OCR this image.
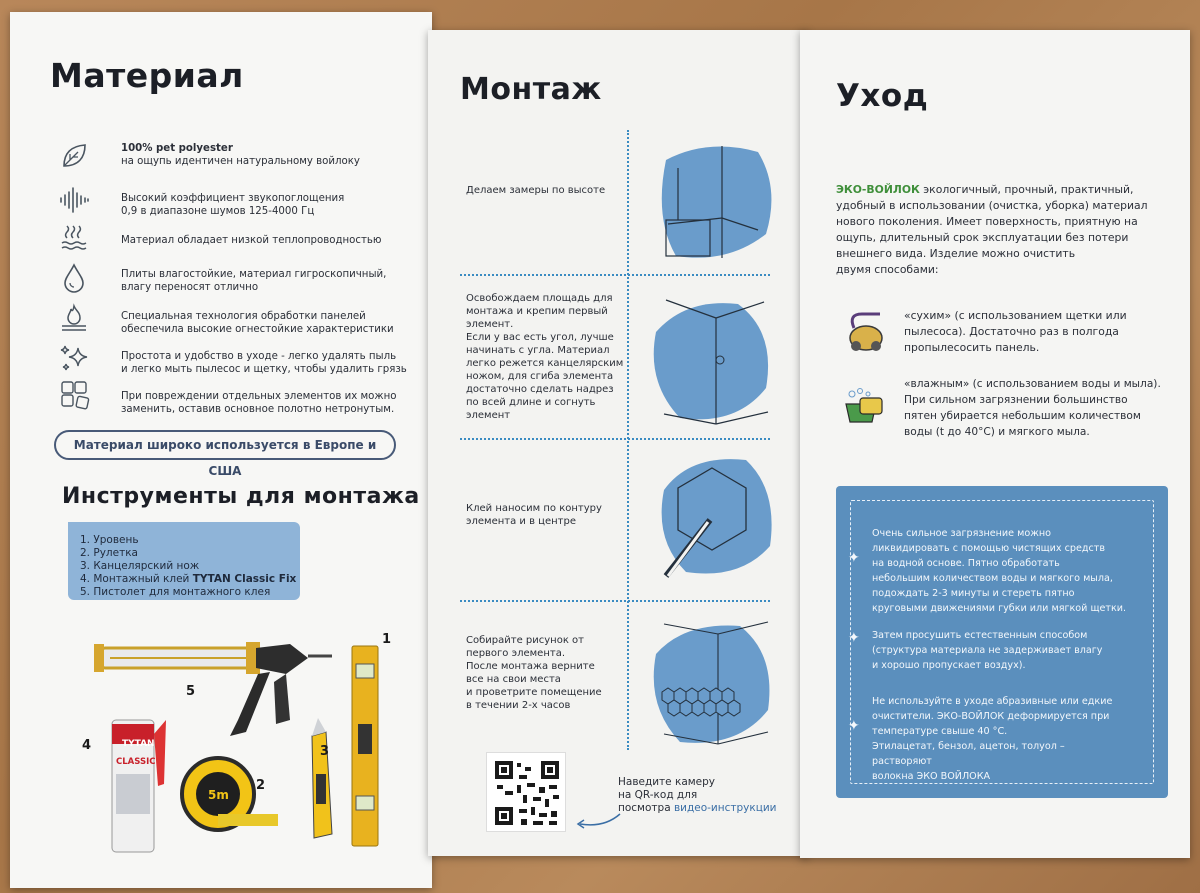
Материал
100% pet polyester
на ощупь идентичен натуральному войлоку
Высокий коэффициент звукопоглощения
0,9 в диапазоне шумов 125-4000 Гц
Материал обладает низкой теплопроводностью
Плиты влагостойкие, материал гигроскопичный,
влагу переносят отлично
Специальная технология обработки панелей
обеспечила высокие огнестойкие характеристики
Простота и удобство в уходе - легко удалять пыль
и легко мыть пылесос и щетку, чтобы удалить грязь
При повреждении отдельных элементов их можно
заменить, оставив основное полотно нетронутым.
Материал широко используется в Европе и США
Инструменты для монтажа
1. Уровень
2. Рулетка
3. Канцелярский нож
4. Монтажный клей TYTAN Classic Fix
5. Пистолет для монтажного клея
TYTAN
CLASSIC
5m
1
2
3
4
5
Монтаж
Делаем замеры по высоте
Освобождаем площадь для
монтажа и крепим первый
элемент.
Если у вас есть угол, лучше
начинать с угла. Материал
легко режется канцелярским
ножом, для сгиба элемента
достаточно сделать надрез
по всей длине и согнуть
элемент
Клей наносим по контуру
элемента и в центре
Собирайте рисунок от
первого элемента.
После монтажа верните
все на свои места
и проветрите помещение
в течении 2-х часов
Наведите камеру
на QR-код для
посмотра видео-инструкции
Уход
ЭКО-ВОЙЛОК экологичный, прочный, практичный,
удобный в использовании (очистка, уборка) материал
нового поколения. Имеет поверхность, приятную на
ощупь, длительный срок эксплуатации без потери
внешнего вида. Изделие можно очистить
двумя способами:
«сухим» (с использованием щетки или
пылесоса). Достаточно раз в полгода
пропылесосить панель.
«влажным» (с использованием воды и мыла).
При сильном загрязнении большинство
пятен убирается небольшим количеством
воды (t до 40°С) и мягкого мыла.
✦
Очень сильное загрязнение можно
ликвидировать с помощью чистящих средств
на водной основе. Пятно обработать
небольшим количеством воды и мягкого мыла,
подождать 2-3 минуты и стереть пятно
круговыми движениями губки или мягкой щетки.
✦ Затем просушить естественным способом
(структура материала не задерживает влагу
и хорошо пропускает воздух).
✦
Не используйте в уходе абразивные или едкие
очистители. ЭКО-ВОЙЛОК деформируется при
температуре свыше 40 °С.
Этилацетат, бензол, ацетон, толуол – растворяют
волокна ЭКО ВОЙЛОКА
